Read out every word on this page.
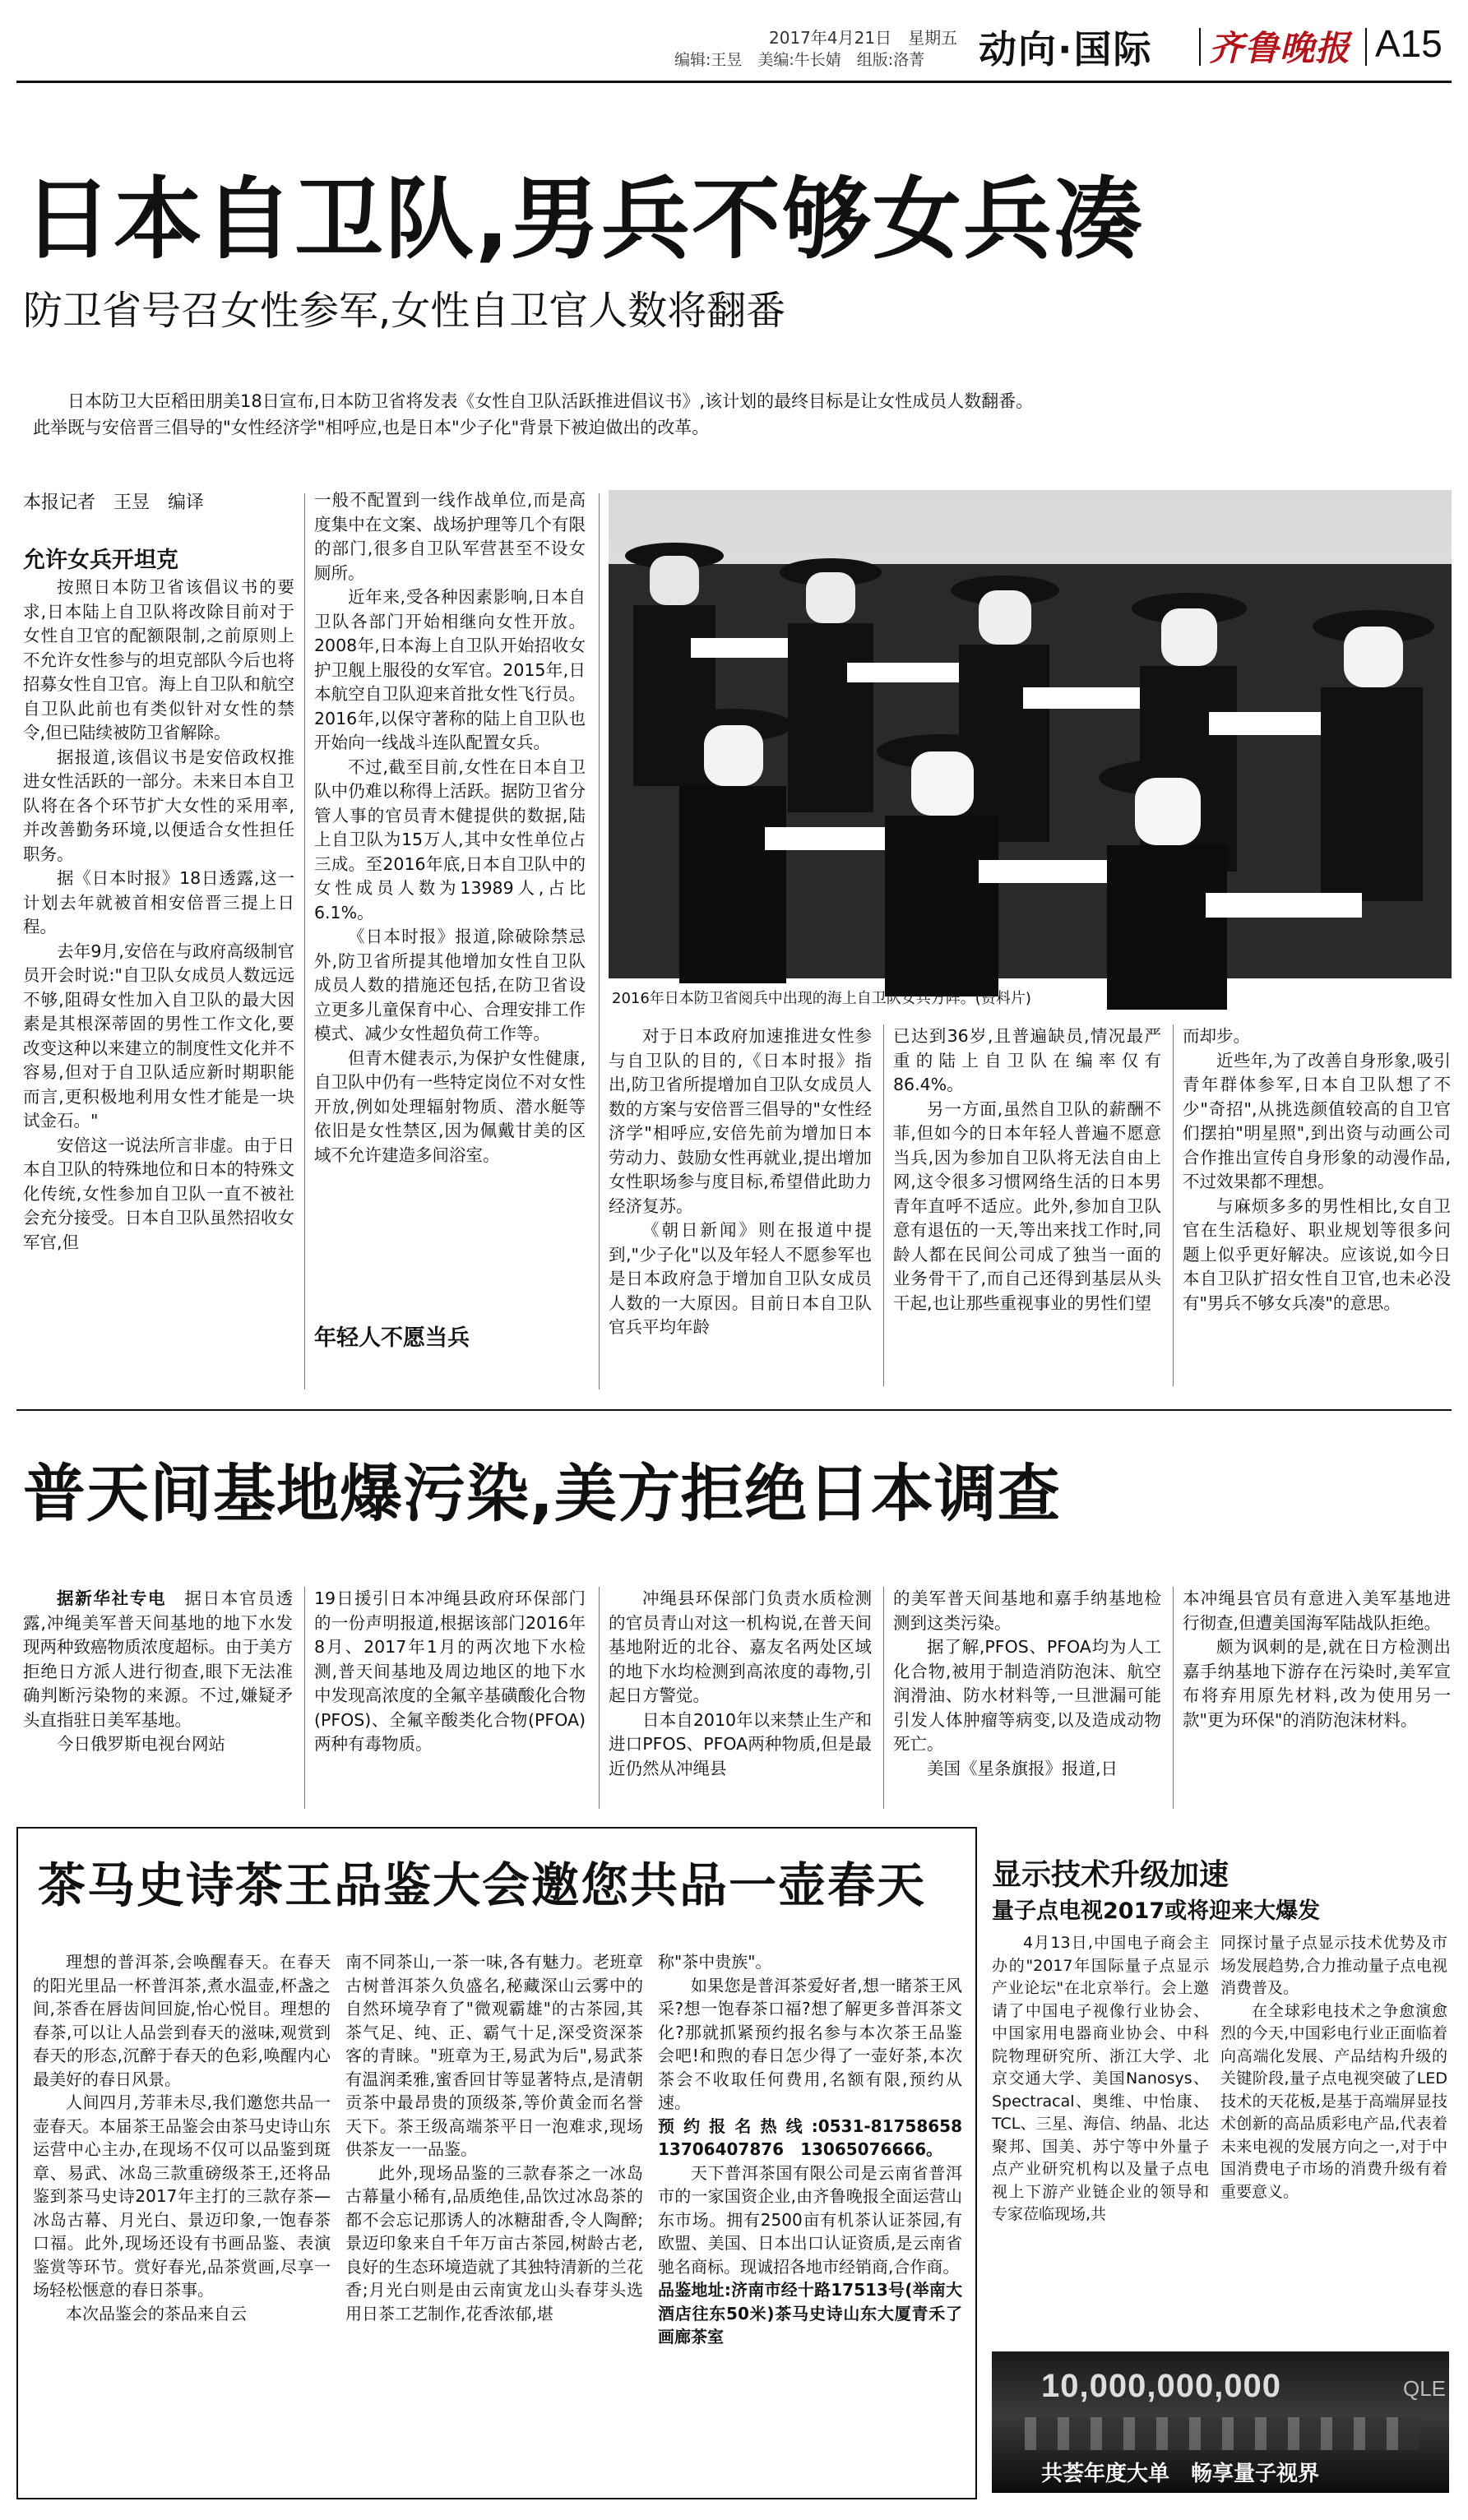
2017年4月21日　星期五
编辑:王昱　美编:牛长婧　组版:洛菁 动向·国际 齐鲁晚报 A15
日本自卫队,男兵不够女兵凑
防卫省号召女性参军,女性自卫官人数将翻番
日本防卫大臣稻田朋美18日宣布,日本防卫省将发表《女性自卫队活跃推进倡议书》,该计划的最终目标是让女性成员人数翻番。此举既与安倍晋三倡导的"女性经济学"相呼应,也是日本"少子化"背景下被迫做出的改革。
本报记者　王昱　编译

允许女兵开坦克

按照日本防卫省该倡议书的要求,日本陆上自卫队将改除目前对于女性自卫官的配额限制,之前原则上不允许女性参与的坦克部队今后也将招募女性自卫官。海上自卫队和航空自卫队此前也有类似针对女性的禁令,但已陆续被防卫省解除。

据报道,该倡议书是安倍政权推进女性活跃的一部分。未来日本自卫队将在各个环节扩大女性的采用率,并改善勤务环境,以便适合女性担任职务。

据《日本时报》18日透露,这一计划去年就被首相安倍晋三提上日程。

去年9月,安倍在与政府高级制官员开会时说:"自卫队女成员人数远远不够,阻碍女性加入自卫队的最大因素是其根深蒂固的男性工作文化,要改变这种以来建立的制度性文化并不容易,但对于自卫队适应新时期职能而言,更积极地利用女性才能是一块试金石。"

安倍这一说法所言非虚。由于日本自卫队的特殊地位和日本的特殊文化传统,女性参加自卫队一直不被社会充分接受。日本自卫队虽然招收女军官,但

一般不配置到一线作战单位,而是高度集中在文案、战场护理等几个有限的部门,很多自卫队军营甚至不设女厕所。

近年来,受各种因素影响,日本自卫队各部门开始相继向女性开放。2008年,日本海上自卫队开始招收女护卫舰上服役的女军官。2015年,日本航空自卫队迎来首批女性飞行员。2016年,以保守著称的陆上自卫队也开始向一线战斗连队配置女兵。

不过,截至目前,女性在日本自卫队中仍难以称得上活跃。据防卫省分管人事的官员青木健提供的数据,陆上自卫队为15万人,其中女性单位占三成。至2016年底,日本自卫队中的女性成员人数为13989人,占比6.1%。

《日本时报》报道,除破除禁忌外,防卫省所提其他增加女性自卫队成员人数的措施还包括,在防卫省设立更多儿童保育中心、合理安排工作模式、减少女性超负荷工作等。

但青木健表示,为保护女性健康,自卫队中仍有一些特定岗位不对女性开放,例如处理辐射物质、潜水艇等依旧是女性禁区,因为佩戴甘美的区域不允许建造多间浴室。

年轻人不愿当兵
2016年日本防卫省阅兵中出现的海上自卫队女兵方阵。(资料片)

对于日本政府加速推进女性参与自卫队的目的,《日本时报》指出,防卫省所提增加自卫队女成员人数的方案与安倍晋三倡导的"女性经济学"相呼应,安倍先前为增加日本劳动力、鼓励女性再就业,提出增加女性职场参与度目标,希望借此助力经济复苏。

《朝日新闻》则在报道中提到,"少子化"以及年轻人不愿参军也是日本政府急于增加自卫队女成员人数的一大原因。目前日本自卫队官兵平均年龄

已达到36岁,且普遍缺员,情况最严重的陆上自卫队在编率仅有86.4%。

另一方面,虽然自卫队的薪酬不菲,但如今的日本年轻人普遍不愿意当兵,因为参加自卫队将无法自由上网,这令很多习惯网络生活的日本男青年直呼不适应。此外,参加自卫队意有退伍的一天,等出来找工作时,同龄人都在民间公司成了独当一面的业务骨干了,而自己还得到基层从头干起,也让那些重视事业的男性们望

而却步。

近些年,为了改善自身形象,吸引青年群体参军,日本自卫队想了不少"奇招",从挑选颜值较高的自卫官们摆拍"明星照",到出资与动画公司合作推出宣传自身形象的动漫作品,不过效果都不理想。

与麻烦多多的男性相比,女自卫官在生活稳好、职业规划等很多问题上似乎更好解决。应该说,如今日本自卫队扩招女性自卫官,也未必没有"男兵不够女兵凑"的意思。

普天间基地爆污染,美方拒绝日本调查

据新华社专电　 据日本官员透露,冲绳美军普天间基地的地下水发现两种致癌物质浓度超标。由于美方拒绝日方派人进行彻查,眼下无法准确判断污染物的来源。不过,嫌疑矛头直指驻日美军基地。

今日俄罗斯电视台网站

19日援引日本冲绳县政府环保部门的一份声明报道,根据该部门2016年8月、2017年1月的两次地下水检测,普天间基地及周边地区的地下水中发现高浓度的全氟辛基磺酸化合物(PFOS)、全氟辛酸类化合物(PFOA)两种有毒物质。

冲绳县环保部门负责水质检测的官员青山对这一机构说,在普天间基地附近的北谷、嘉友名两处区域的地下水均检测到高浓度的毒物,引起日方警觉。

日本自2010年以来禁止生产和进口PFOS、PFOA两种物质,但是最近仍然从冲绳县

的美军普天间基地和嘉手纳基地检测到这类污染。

据了解,PFOS、PFOA均为人工化合物,被用于制造消防泡沫、航空润滑油、防水材料等,一旦泄漏可能引发人体肿瘤等病变,以及造成动物死亡。

美国《星条旗报》报道,日

本冲绳县官员有意进入美军基地进行彻查,但遭美国海军陆战队拒绝。

颇为讽刺的是,就在日方检测出嘉手纳基地下游存在污染时,美军宣布将弃用原先材料,改为使用另一款"更为环保"的消防泡沫材料。

茶马史诗茶王品鉴大会邀您共品一壶春天

理想的普洱茶,会唤醒春天。在春天的阳光里品一杯普洱茶,煮水温壶,杯盏之间,茶香在唇齿间回旋,怡心悦目。理想的春茶,可以让人品尝到春天的滋味,观赏到春天的形态,沉醉于春天的色彩,唤醒内心最美好的春日风景。

人间四月,芳菲未尽,我们邀您共品一壶春天。本届茶王品鉴会由茶马史诗山东运营中心主办,在现场不仅可以品鉴到斑章、易武、冰岛三款重磅级茶王,还将品鉴到茶马史诗2017年主打的三款存茶—冰岛古幕、月光白、景迈印象,一饱春茶口福。此外,现场还设有书画品鉴、表演鉴赏等环节。赏好春光,品茶赏画,尽享一场轻松惬意的春日茶事。

本次品鉴会的茶品来自云

南不同茶山,一茶一味,各有魅力。老班章古树普洱茶久负盛名,秘藏深山云雾中的自然环境孕育了"微观霸雄"的古茶园,其茶气足、纯、正、霸气十足,深受资深茶客的青睐。"班章为王,易武为后",易武茶有温润柔雅,蜜香回甘等显著特点,是清朝贡茶中最昂贵的顶级茶,等价黄金而名誉天下。茶王级高端茶平日一泡难求,现场供茶友一一品鉴。

此外,现场品鉴的三款春茶之一冰岛古幕量小稀有,品质绝佳,品饮过冰岛茶的都不会忘记那诱人的冰糖甜香,令人陶醉;景迈印象来自千年万亩古茶园,树龄古老,良好的生态环境造就了其独特清新的兰花香;月光白则是由云南寅龙山头春芽头选用日茶工艺制作,花香浓郁,堪

称"茶中贵族"。

如果您是普洱茶爱好者,想一睹茶王风采?想一饱春茶口福?想了解更多普洱茶文化?那就抓紧预约报名参与本次茶王品鉴会吧!和煦的春日怎少得了一壶好茶,本次茶会不收取任何费用,名额有限,预约从速。

预约报名热线:0531-81758658　13706407876　13065076666。

天下普洱茶国有限公司是云南省普洱市的一家国资企业,由齐鲁晚报全面运营山东市场。拥有2500亩有机茶认证茶园,有欧盟、美国、日本出口认证资质,是云南省驰名商标。现诚招各地市经销商,合作商。

品鉴地址:济南市经十路17513号(举南大酒店往东50米)茶马史诗山东大厦青禾了画廊茶室

显示技术升级加速
量子点电视2017或将迎来大爆发

4月13日,中国电子商会主办的"2017年国际量子点显示产业论坛"在北京举行。会上邀请了中国电子视像行业协会、中国家用电器商业协会、中科院物理研究所、浙江大学、北京交通大学、美国Nanosys、Spectracal、奥维、中怡康、TCL、三星、海信、纳晶、北达聚邦、国美、苏宁等中外量子点产业研究机构以及量子点电视上下游产业链企业的领导和专家莅临现场,共

同探讨量子点显示技术优势及市场发展趋势,合力推动量子点电视消费普及。

在全球彩电技术之争愈演愈烈的今天,中国彩电行业正面临着向高端化发展、产品结构升级的关键阶段,量子点电视突破了LED技术的天花板,是基于高端屏显技术创新的高品质彩电产品,代表着未来电视的发展方向之一,对于中国消费电子市场的消费升级有着重要意义。

10,000,000,000	QLE
共荟年度大单　畅享量子视界
